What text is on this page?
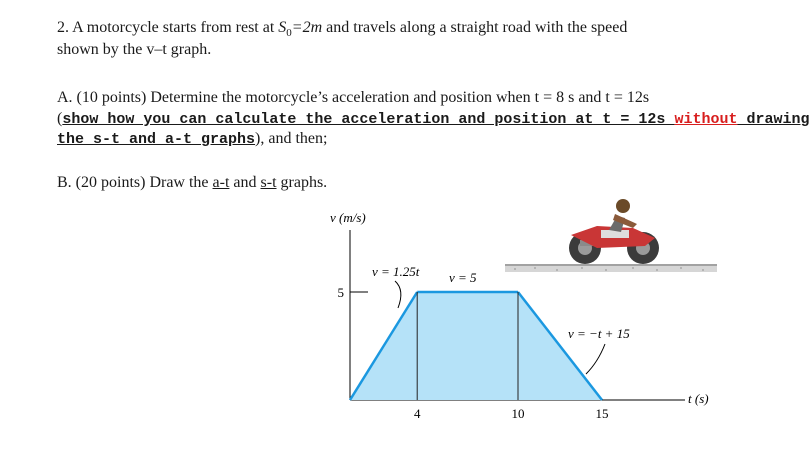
2. A motorcycle starts from rest at $S_0=2m$ and travels along a straight road with the speed
shown by the v–t graph.
A. (10 points) Determine the motorcycle’s acceleration and position when t = 8 s and t = 12s
(show how you can calculate the acceleration and position at t = 12s without drawing
the s-t and a-t graphs), and then;
B. (20 points) Draw the a-t and s-t graphs.
v (m/s)
t (s)
4	10	15
5
v = 1.25t v = 5
v = −t + 15
